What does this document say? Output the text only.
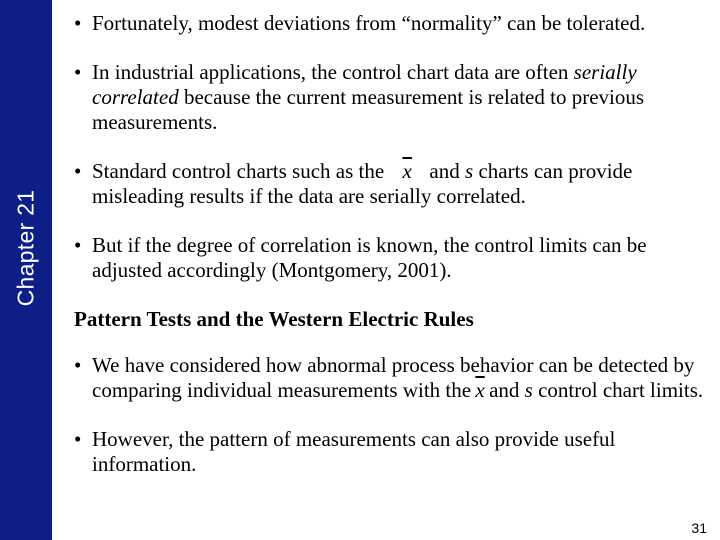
Chapter 21

• Fortunately, modest deviations from “normality” can be tolerated.

• In industrial applications, the control chart data are often serially correlated because the current measurement is related to previous measurements.

• Standard control charts such as the $\overline{x}$ and s charts can provide misleading results if the data are serially correlated.

• But if the degree of correlation is known, the control limits can be adjusted accordingly (Montgomery, 2001).

Pattern Tests and the Western Electric Rules

• We have considered how abnormal process behavior can be detected by comparing individual measurements with the $\overline{x}$ and s control chart limits.

• However, the pattern of measurements can also provide useful information.

31
